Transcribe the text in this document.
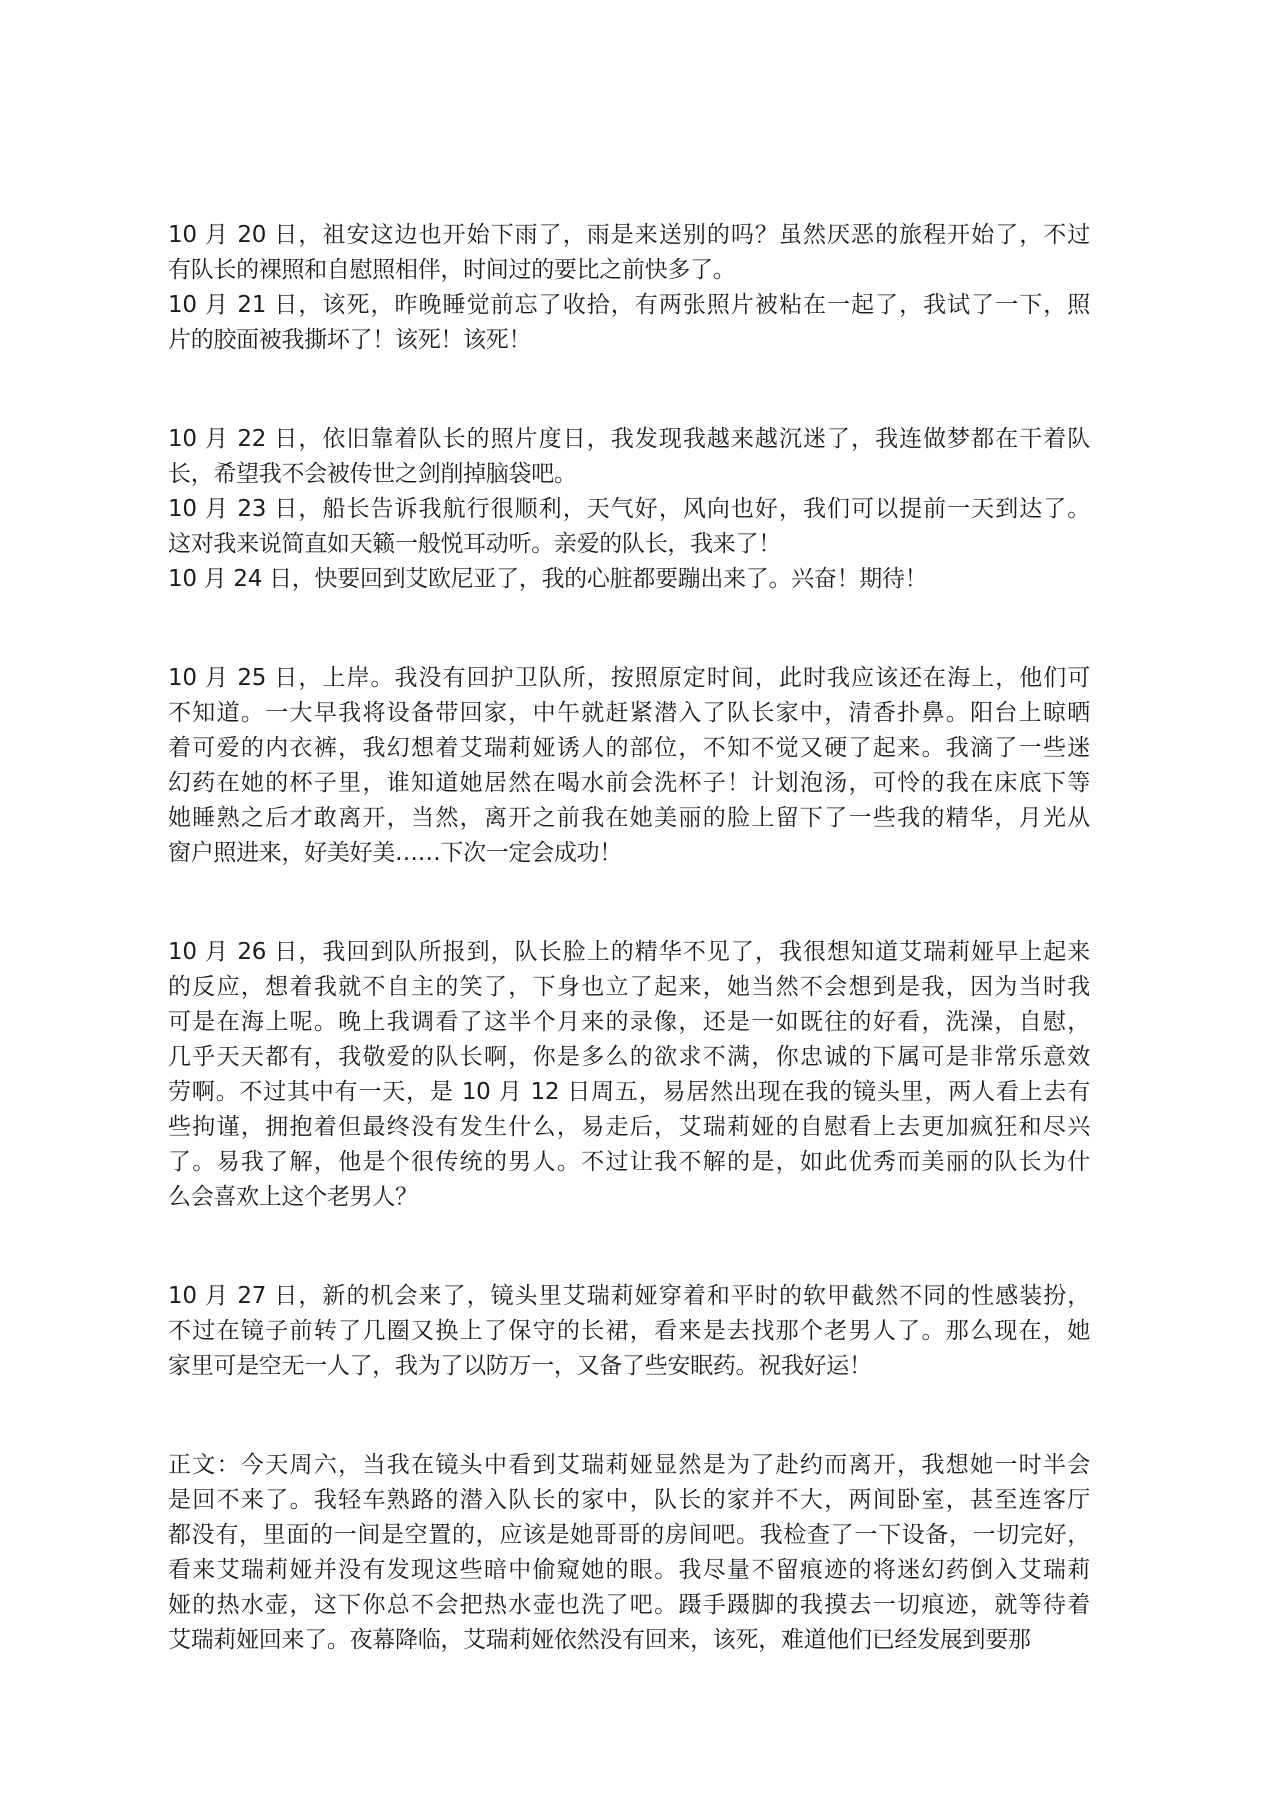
10 月 20 日，祖安这边也开始下雨了，雨是来送别的吗？虽然厌恶的旅程开始了，不过
有队长的裸照和自慰照相伴，时间过的要比之前快多了。
10 月 21 日，该死，昨晚睡觉前忘了收拾，有两张照片被粘在一起了，我试了一下，照
片的胶面被我撕坏了！该死！该死！
10 月 22 日，依旧靠着队长的照片度日，我发现我越来越沉迷了，我连做梦都在干着队
长，希望我不会被传世之剑削掉脑袋吧。
10 月 23 日，船长告诉我航行很顺利，天气好，风向也好，我们可以提前一天到达了。
这对我来说简直如天籁一般悦耳动听。亲爱的队长，我来了！
10 月 24 日，快要回到艾欧尼亚了，我的心脏都要蹦出来了。兴奋！期待！
10 月 25 日，上岸。我没有回护卫队所，按照原定时间，此时我应该还在海上，他们可
不知道。一大早我将设备带回家，中午就赶紧潜入了队长家中，清香扑鼻。阳台上晾晒
着可爱的内衣裤，我幻想着艾瑞莉娅诱人的部位，不知不觉又硬了起来。我滴了一些迷
幻药在她的杯子里，谁知道她居然在喝水前会洗杯子！计划泡汤，可怜的我在床底下等
她睡熟之后才敢离开，当然，离开之前我在她美丽的脸上留下了一些我的精华，月光从
窗户照进来，好美好美……下次一定会成功！
10 月 26 日，我回到队所报到，队长脸上的精华不见了，我很想知道艾瑞莉娅早上起来
的反应，想着我就不自主的笑了，下身也立了起来，她当然不会想到是我，因为当时我
可是在海上呢。晚上我调看了这半个月来的录像，还是一如既往的好看，洗澡，自慰，
几乎天天都有，我敬爱的队长啊，你是多么的欲求不满，你忠诚的下属可是非常乐意效
劳啊。不过其中有一天，是 10 月 12 日周五，易居然出现在我的镜头里，两人看上去有
些拘谨，拥抱着但最终没有发生什么，易走后，艾瑞莉娅的自慰看上去更加疯狂和尽兴
了。易我了解，他是个很传统的男人。不过让我不解的是，如此优秀而美丽的队长为什
么会喜欢上这个老男人？
10 月 27 日，新的机会来了，镜头里艾瑞莉娅穿着和平时的软甲截然不同的性感装扮，
不过在镜子前转了几圈又换上了保守的长裙，看来是去找那个老男人了。那么现在，她
家里可是空无一人了，我为了以防万一，又备了些安眠药。祝我好运！
正文：今天周六，当我在镜头中看到艾瑞莉娅显然是为了赴约而离开，我想她一时半会
是回不来了。我轻车熟路的潜入队长的家中，队长的家并不大，两间卧室，甚至连客厅
都没有，里面的一间是空置的，应该是她哥哥的房间吧。我检查了一下设备，一切完好，
看来艾瑞莉娅并没有发现这些暗中偷窥她的眼。我尽量不留痕迹的将迷幻药倒入艾瑞莉
娅的热水壶，这下你总不会把热水壶也洗了吧。蹑手蹑脚的我摸去一切痕迹，就等待着
艾瑞莉娅回来了。夜幕降临，艾瑞莉娅依然没有回来，该死，难道他们已经发展到要那
